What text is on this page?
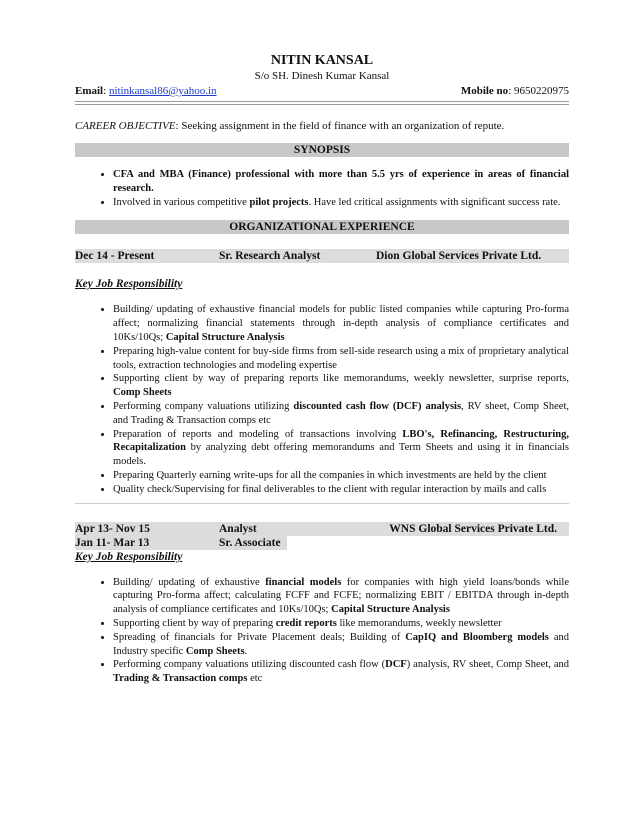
NITIN KANSAL
S/o SH. Dinesh Kumar Kansal
Email: nitinkansal86@yahoo.in	Mobile no: 9650220975
CAREER OBJECTIVE: Seeking assignment in the field of finance with an organization of repute.
SYNOPSIS
• CFA and MBA (Finance) professional with more than 5.5 yrs of experience in areas of financial research.
• Involved in various competitive pilot projects. Have led critical assignments with significant success rate.
ORGANIZATIONAL EXPERIENCE
Dec 14 - Present	Sr. Research Analyst	Dion Global Services Private Ltd.
Key Job Responsibility
• Building/ updating of exhaustive financial models for public listed companies while capturing Pro-forma affect; normalizing financial statements through in-depth analysis of compliance certificates and 10Ks/10Qs; Capital Structure Analysis
• Preparing high-value content for buy-side firms from sell-side research using a mix of proprietary analytical tools, extraction technologies and modeling expertise
• Supporting client by way of preparing reports like memorandums, weekly newsletter, surprise reports, Comp Sheets
• Performing company valuations utilizing discounted cash flow (DCF) analysis, RV sheet, Comp Sheet, and Trading & Transaction comps etc
• Preparation of reports and modeling of transactions involving LBO's, Refinancing, Restructuring, Recapitalization by analyzing debt offering memorandums and Term Sheets and using it in financials models.
• Preparing Quarterly earning write-ups for all the companies in which investments are held by the client
• Quality check/Supervising for final deliverables to the client with regular interaction by mails and calls
Apr 13- Nov 15	Analyst	WNS Global Services Private Ltd.
Jan 11- Mar 13	Sr. Associate
Key Job Responsibility
• Building/ updating of exhaustive financial models for companies with high yield loans/bonds while capturing Pro-forma affect; calculating FCFF and FCFE; normalizing EBIT / EBITDA through in-depth analysis of compliance certificates and 10Ks/10Qs; Capital Structure Analysis
• Supporting client by way of preparing credit reports like memorandums, weekly newsletter
• Spreading of financials for Private Placement deals; Building of CapIQ and Bloomberg models and Industry specific Comp Sheets.
• Performing company valuations utilizing discounted cash flow (DCF) analysis, RV sheet, Comp Sheet, and Trading & Transaction comps etc
